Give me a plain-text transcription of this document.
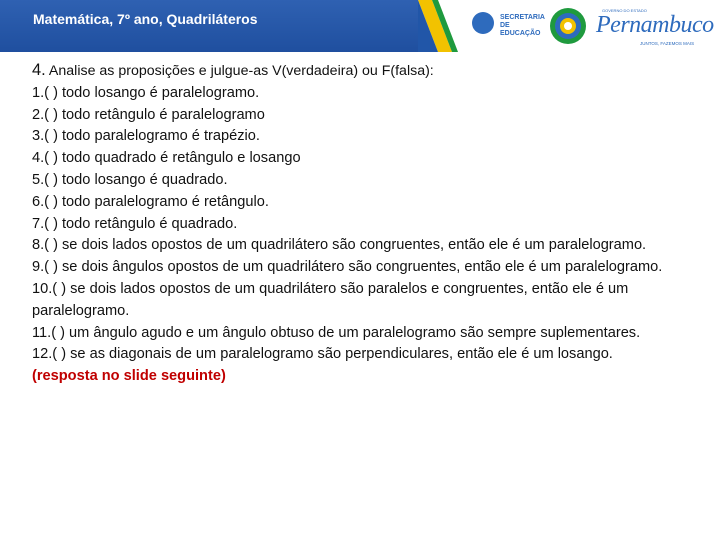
Matemática, 7º ano, Quadriláteros	SECRETARIA DE EDUCAÇÃO
GOVERNO DO ESTADO
Pernambuco
JUNTOS, FAZEMOS MAIS
4. Analise as proposições e julgue-as V(verdadeira) ou F(falsa):
1.( ) todo losango é paralelogramo.
2.( ) todo retângulo é paralelogramo
3.( ) todo paralelogramo é trapézio.
4.( ) todo quadrado é retângulo e losango
5.( ) todo losango é quadrado.
6.( ) todo paralelogramo é retângulo.
7.( ) todo retângulo é quadrado.
8.( ) se dois lados opostos de um quadrilátero são congruentes, então ele é um paralelogramo.
9.( ) se dois ângulos opostos de um quadrilátero são congruentes, então ele é um paralelogramo.
10.( ) se dois lados opostos de um quadrilátero são paralelos e congruentes, então ele é um paralelogramo.
11.( ) um ângulo agudo e um ângulo obtuso de um paralelogramo são sempre suplementares.
12.( ) se as diagonais de um paralelogramo são perpendiculares, então ele é um losango.
(resposta no slide seguinte)
